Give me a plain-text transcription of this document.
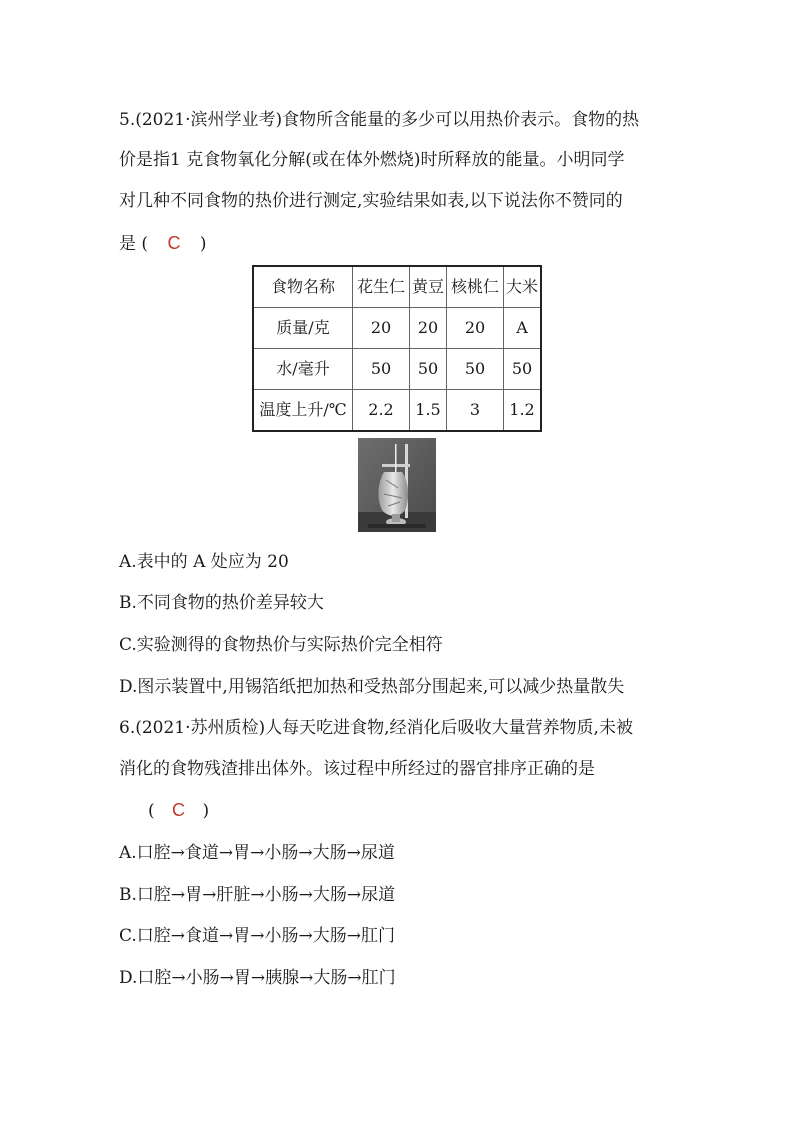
5.(2021·滨州学业考)食物所含能量的多少可以用热价表示。食物的热
价是指1 克食物氧化分解(或在体外燃烧)时所释放的能量。小明同学
对几种不同食物的热价进行测定,实验结果如表,以下说法你不赞同的
是 ( C )
食物名称	花生仁	黄豆	核桃仁	大米
质量/克	20	20	20	A
水/毫升	50	50	50	50
温度上升/℃	2.2	1.5	3	1.2
A.表中的 A 处应为 20
B.不同食物的热价差异较大
C.实验测得的食物热价与实际热价完全相符
D.图示装置中,用锡箔纸把加热和受热部分围起来,可以减少热量散失
6.(2021·苏州质检)人每天吃进食物,经消化后吸收大量营养物质,未被
消化的食物残渣排出体外。该过程中所经过的器官排序正确的是
( C )
A.口腔→食道→胃→小肠→大肠→尿道
B.口腔→胃→肝脏→小肠→大肠→尿道
C.口腔→食道→胃→小肠→大肠→肛门
D.口腔→小肠→胃→胰腺→大肠→肛门
